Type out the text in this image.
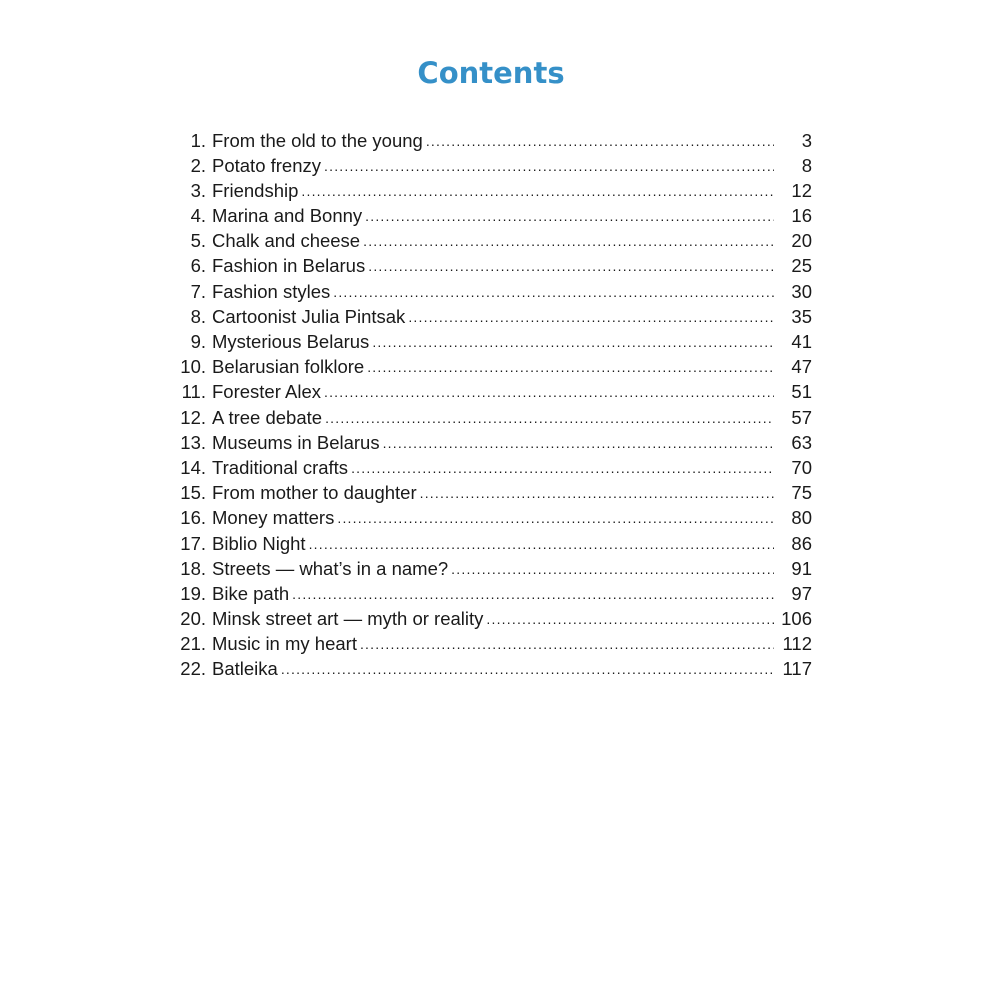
Contents
1. From the old to the young .....	3
2. Potato frenzy .....	8
3. Friendship .....	12
4. Marina and Bonny .....	16
5. Chalk and cheese .....	20
6. Fashion in Belarus .....	25
7. Fashion styles .....	30
8. Cartoonist Julia Pintsak .....	35
9. Mysterious Belarus .....	41
10. Belarusian folklore .....	47
11. Forester Alex .....	51
12. A tree debate .....	57
13. Museums in Belarus .....	63
14. Traditional crafts .....	70
15. From mother to daughter .....	75
16. Money matters .....	80
17. Biblio Night .....	86
18. Streets — what’s in a name? .....	91
19. Bike path .....	97
20. Minsk street art — myth or reality .....	106
21. Music in my heart .....	112
22. Batleika .....	117
